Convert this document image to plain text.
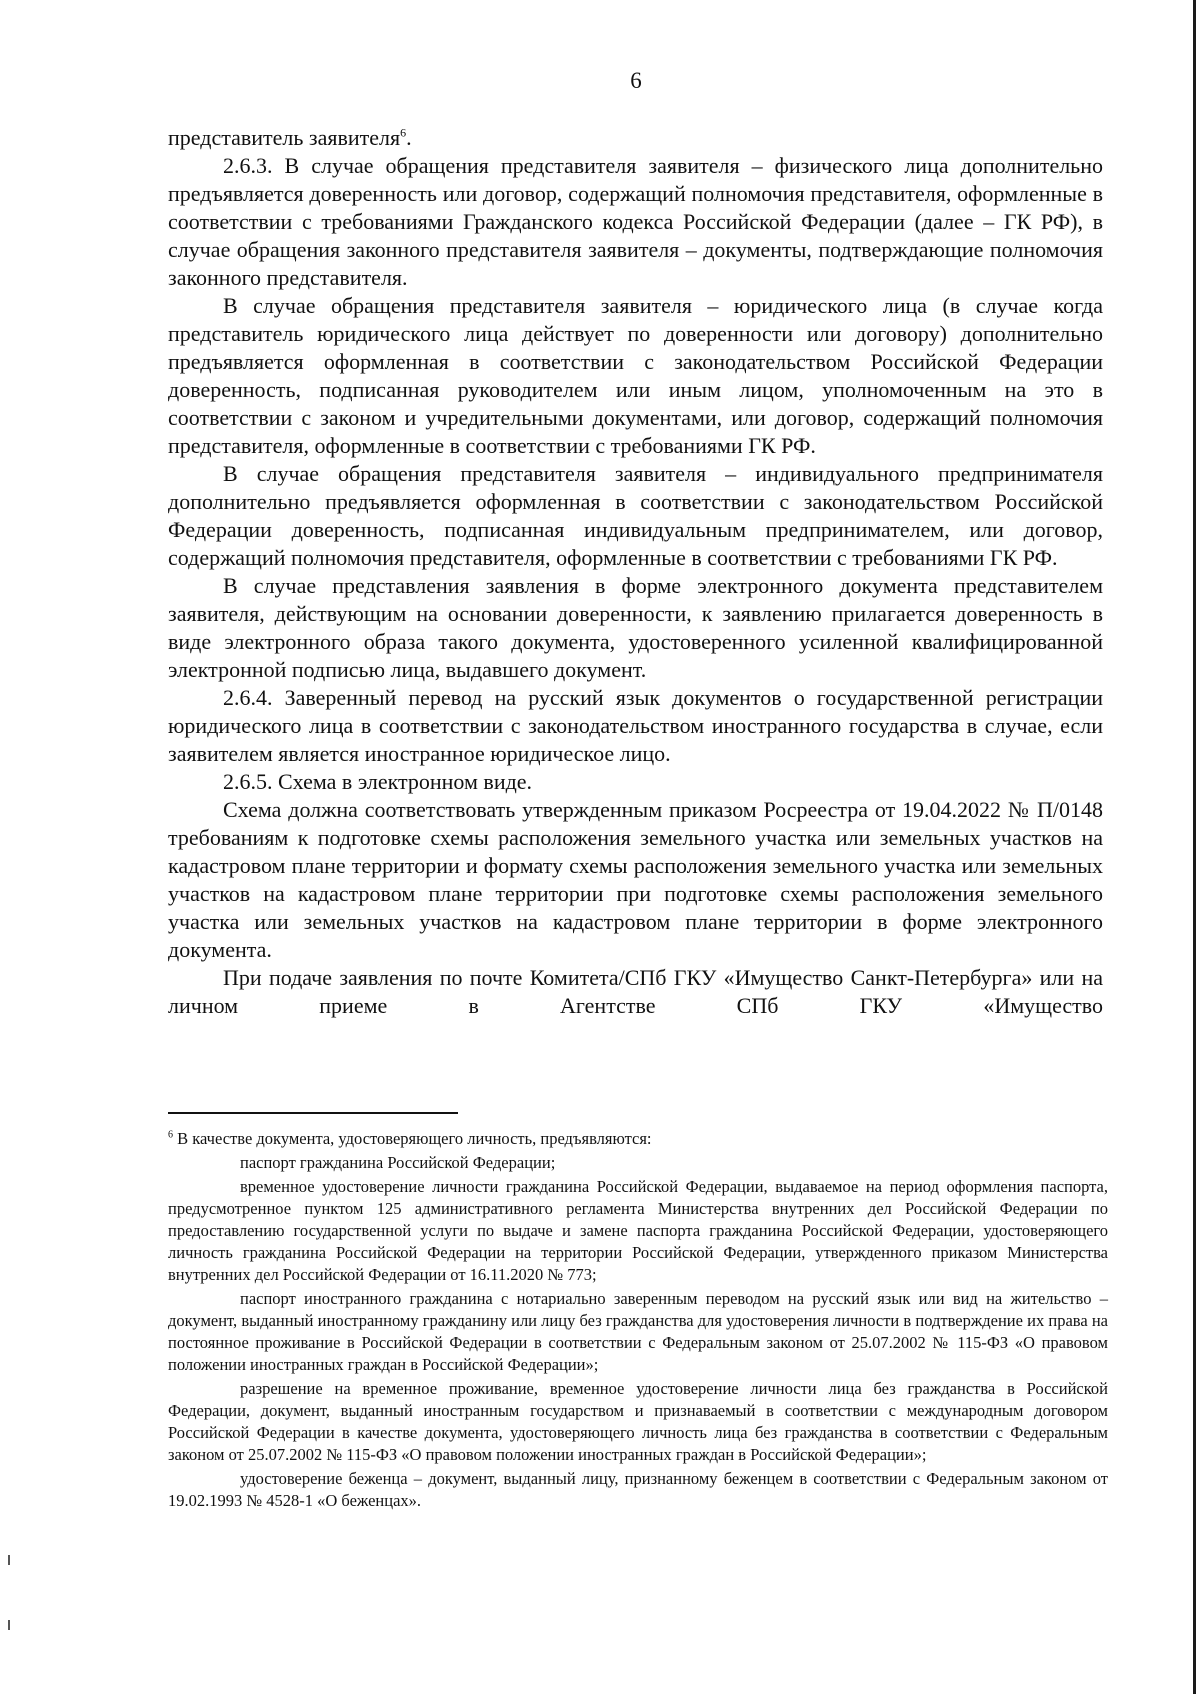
6

представитель заявителя$^6$.

2.6.3. В случае обращения представителя заявителя – физического лица дополнительно предъявляется доверенность или договор, содержащий полномочия представителя, оформленные в соответствии с требованиями Гражданского кодекса Российской Федерации (далее – ГК РФ), в случае обращения законного представителя заявителя – документы, подтверждающие полномочия законного представителя.

В случае обращения представителя заявителя – юридического лица (в случае когда представитель юридического лица действует по доверенности или договору) дополнительно предъявляется оформленная в соответствии с законодательством Российской Федерации доверенность, подписанная руководителем или иным лицом, уполномоченным на это в соответствии с законом и учредительными документами, или договор, содержащий полномочия представителя, оформленные в соответствии с требованиями ГК РФ.

В случае обращения представителя заявителя – индивидуального предпринимателя дополнительно предъявляется оформленная в соответствии с законодательством Российской Федерации доверенность, подписанная индивидуальным предпринимателем, или договор, содержащий полномочия представителя, оформленные в соответствии с требованиями ГК РФ.

В случае представления заявления в форме электронного документа представителем заявителя, действующим на основании доверенности, к заявлению прилагается доверенность в виде электронного образа такого документа, удостоверенного усиленной квалифицированной электронной подписью лица, выдавшего документ.

2.6.4. Заверенный перевод на русский язык документов о государственной регистрации юридического лица в соответствии с законодательством иностранного государства в случае, если заявителем является иностранное юридическое лицо.

2.6.5. Схема в электронном виде.

Схема должна соответствовать утвержденным приказом Росреестра от 19.04.2022 № П/0148 требованиям к подготовке схемы расположения земельного участка или земельных участков на кадастровом плане территории и формату схемы расположения земельного участка или земельных участков на кадастровом плане территории при подготовке схемы расположения земельного участка или земельных участков на кадастровом плане территории в форме электронного документа.

При подаче заявления по почте Комитета/СПб ГКУ «Имущество Санкт-Петербурга» или на личном приеме в Агентстве СПб ГКУ «Имущество

$^6$ В качестве документа, удостоверяющего личность, предъявляются:

паспорт гражданина Российской Федерации;

временное удостоверение личности гражданина Российской Федерации, выдаваемое на период оформления паспорта, предусмотренное пунктом 125 административного регламента Министерства внутренних дел Российской Федерации по предоставлению государственной услуги по выдаче и замене паспорта гражданина Российской Федерации, удостоверяющего личность гражданина Российской Федерации на территории Российской Федерации, утвержденного приказом Министерства внутренних дел Российской Федерации от 16.11.2020 № 773;

паспорт иностранного гражданина с нотариально заверенным переводом на русский язык или вид на жительство – документ, выданный иностранному гражданину или лицу без гражданства для удостоверения личности в подтверждение их права на постоянное проживание в Российской Федерации в соответствии с Федеральным законом от 25.07.2002 № 115-ФЗ «О правовом положении иностранных граждан в Российской Федерации»;

разрешение на временное проживание, временное удостоверение личности лица без гражданства в Российской Федерации, документ, выданный иностранным государством и признаваемый в соответствии с международным договором Российской Федерации в качестве документа, удостоверяющего личность лица без гражданства в соответствии с Федеральным законом от 25.07.2002 № 115-ФЗ «О правовом положении иностранных граждан в Российской Федерации»;

удостоверение беженца – документ, выданный лицу, признанному беженцем в соответствии с Федеральным законом от 19.02.1993 № 4528-1 «О беженцах».
